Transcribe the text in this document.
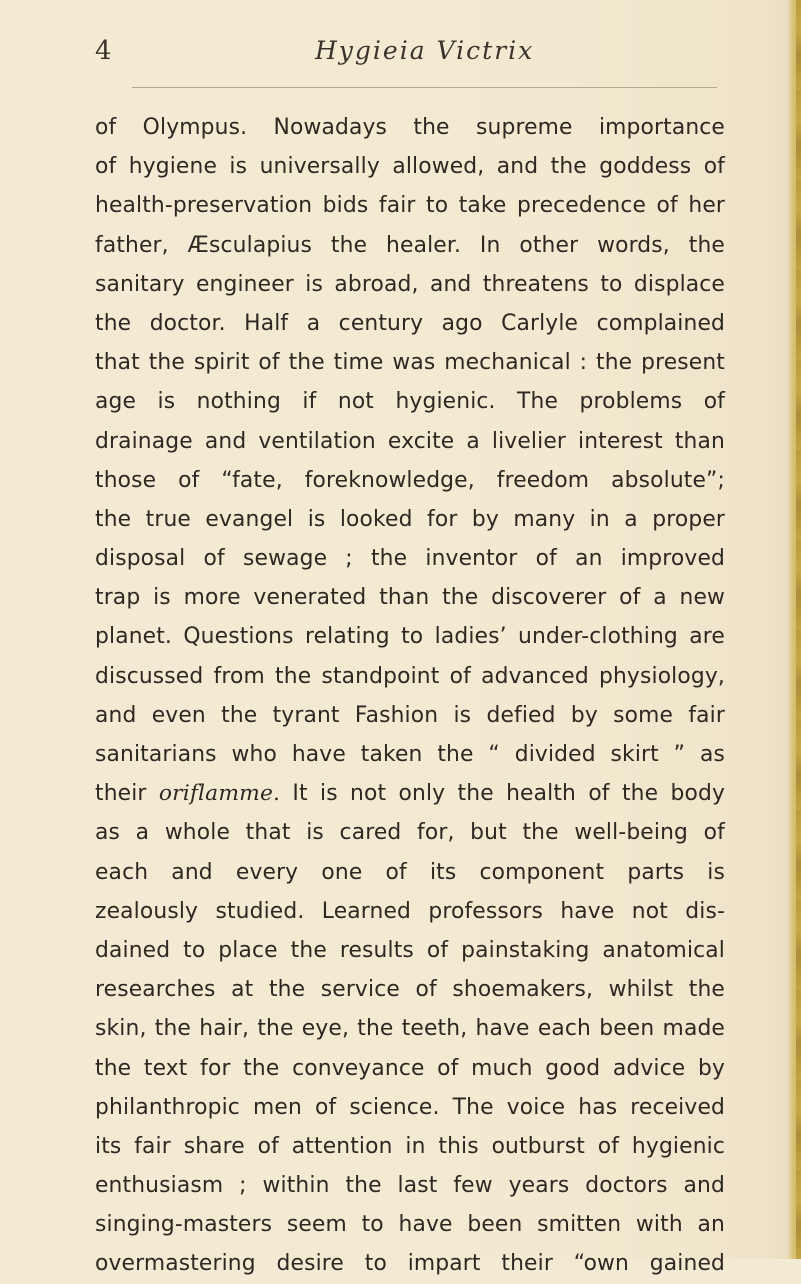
4	Hygieia Victrix
of Olympus. Nowadays the supreme importance
of hygiene is universally allowed, and the goddess of
health-preservation bids fair to take precedence of her
father, Æsculapius the healer. In other words, the
sanitary engineer is abroad, and threatens to displace
the doctor. Half a century ago Carlyle complained
that the spirit of the time was mechanical : the present
age is nothing if not hygienic. The problems of
drainage and ventilation excite a livelier interest than
those of “fate, foreknowledge, freedom absolute”;
the true evangel is looked for by many in a proper
disposal of sewage ; the inventor of an improved
trap is more venerated than the discoverer of a new
planet. Questions relating to ladies’ under-clothing are
discussed from the standpoint of advanced physiology,
and even the tyrant Fashion is defied by some fair
sanitarians who have taken the “ divided skirt ” as
their oriflamme. It is not only the health of the body
as a whole that is cared for, but the well-being of
each and every one of its component parts is
zealously studied. Learned professors have not dis-
dained to place the results of painstaking anatomical
researches at the service of shoemakers, whilst the
skin, the hair, the eye, the teeth, have each been made
the text for the conveyance of much good advice by
philanthropic men of science. The voice has received
its fair share of attention in this outburst of hygienic
enthusiasm ; within the last few years doctors and
singing-masters seem to have been smitten with an
overmastering desire to impart their “own gained
